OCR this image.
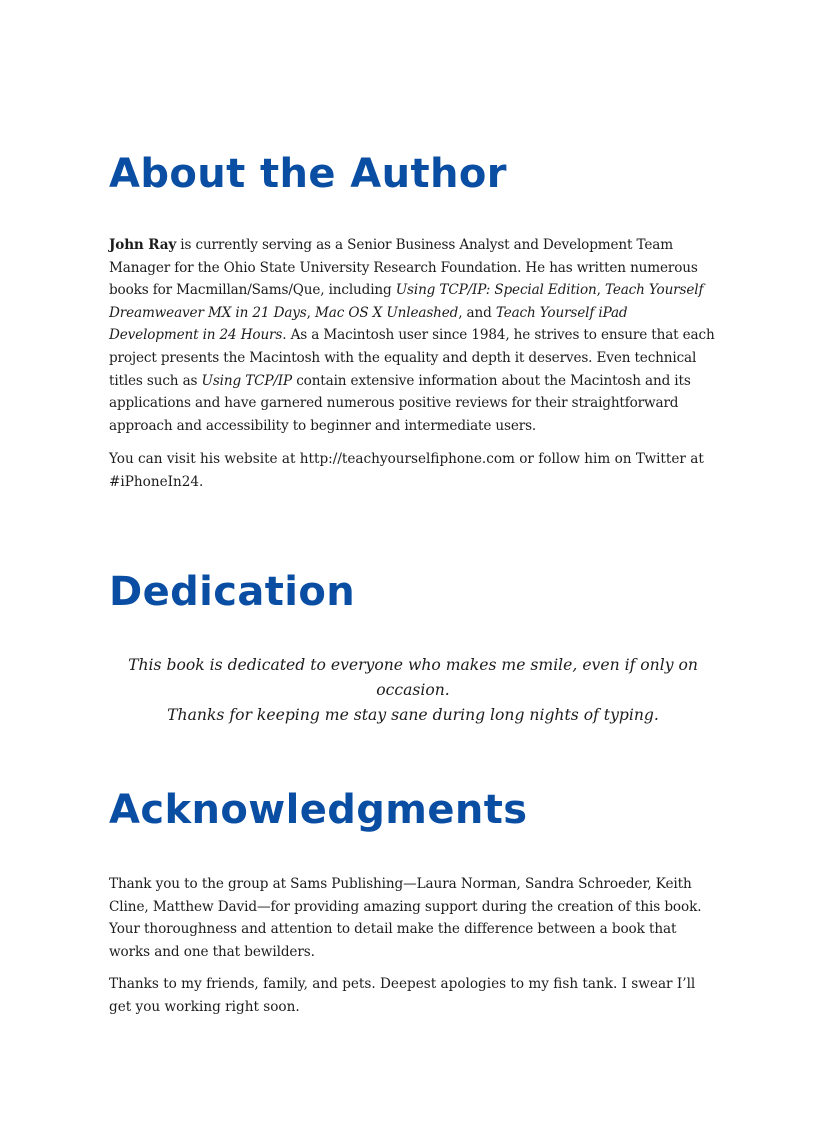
About the Author

John Ray is currently serving as a Senior Business Analyst and Development Team Manager for the Ohio State University Research Foundation. He has written numerous books for Macmillan/Sams/Que, including Using TCP/IP: Special Edition, Teach Yourself Dreamweaver MX in 21 Days, Mac OS X Unleashed, and Teach Yourself iPad Development in 24 Hours. As a Macintosh user since 1984, he strives to ensure that each project presents the Macintosh with the equality and depth it deserves. Even technical titles such as Using TCP/IP contain extensive information about the Macintosh and its applications and have garnered numerous positive reviews for their straightforward approach and accessibility to beginner and intermediate users.

You can visit his website at http://teachyourselfiphone.com or follow him on Twitter at #iPhoneIn24.

Dedication

This book is dedicated to everyone who makes me smile, even if only on occasion.
Thanks for keeping me stay sane during long nights of typing.

Acknowledgments

Thank you to the group at Sams Publishing—Laura Norman, Sandra Schroeder, Keith Cline, Matthew David—for providing amazing support during the creation of this book. Your thoroughness and attention to detail make the difference between a book that works and one that bewilders.

Thanks to my friends, family, and pets. Deepest apologies to my fish tank. I swear I’ll get you working right soon.
